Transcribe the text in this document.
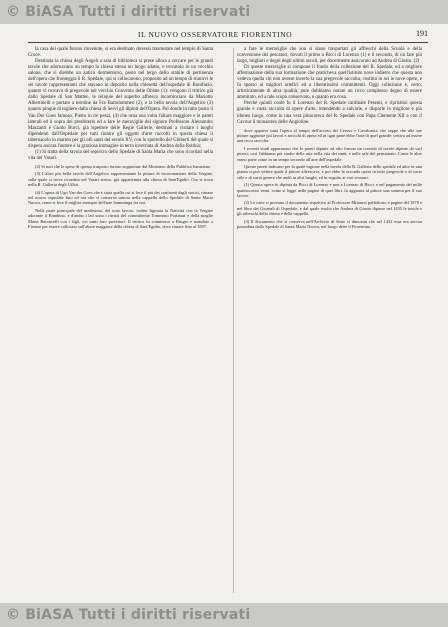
© BiASA Tutti i diritti riservati
IL NUOVO OSSERVATORE FIORENTINO	191

la casa del quale furono rinvenute, si era destinato dovessi trasmutare nel tempio di Santa Croce.

Destinata la chiesa degli Angeli a sala di biblioteca si prese allora a cercare per le grandi tavole che adornavano un tempo la chiesa stessa un luogo adatto, e trovatolo in un vecchio salone, che si direbbe un antico dormentorio, posto nel tergo dello stabile di pertinenza dell'opera che fronteggia il R. Spedale, qui si collocarono, proposito ad un tempo di riunirvi le sei tavole rappresentanti che stavano in deposito nella chiesetta dell'ospedale di Bonifazio, quanto vi trovava di pregevole nel vecchio Convento delle Oblate (1): vengono il trittico già dallo Spedale di San Matteo, le reliquie del superbo affresco incominciato da Mariotto Albertinelli e portato a termine da Fra Bartolommeo (2), e la bella tavola dell'Angelico (3) quanto pinque di togliere dalla chiesa di Servi gli dipinti dell'Opera. Poi donde in tutto posto il Van Der Goes famoso, Pietro in tre pezzi, (4) che orna una volta l'altare maggiore e le pareti laterali ed il sopra del presbiterio ed a fare le meraviglie del signore Professore Alessandro Mazzanti e Guido Burci, già ispettore delle Regie Gallerie, destinati a visitare i luoghi dipendenti dall'Ospedale per tutti riunire gli oggetti d'arte raccolti in questa chiesa il tabernacolo in marmo per gli olii santi del secolo XV, con lo sportello del Ghiberti del quale si dispera ancora l'autore e la graziosa immagine in terra invetriata di Andrea della Robbia;

(1) Si tratta della tavola del sepolcro dello Spedale di Santa Maria che sono ricordati nella vita del Vasari.

(2) Si noti che le spese di questo trasporto furono sopportate dal Ministero della Pubblica Istruzione.

(3) L'altro più bella tavola dell'Angelico rappresentante la pittura di incoronazione della Vergine, sulla quale si trova ricordata nel Vasari stesso, già appartenuta alla chiesa di Sant'Egidio. Ora si trova nella R. Galleria degli Uffizi.

(4) L'opera di Ugo Van der Goes che è stata quella cui si fece il più dei confronti dagli storici, rimase nel nostro ospedale fino ad ora che si conserva tuttora nella cappella dello Spedale di Santa Maria Nuova, come si fece il miglior esempio dell'arte fiamminga fra noi.

Nella parte principale del medesimo, del noto lavoro, vedesi figurata la Natività con la Vergine adorante il Bambino, e d'ambo i lati sono i ritratti del committente Tommaso Portinari e della moglie Maria Baroncelli con i figli, coi santi loro protettori. Il trittico fu commesso a Bruges e mandato a Firenze per essere collocato sull'altare maggiore della chiesa di Sant'Egidio, dove rimase fino al 1897.

a fare le meraviglie che son si siano trasportati gli affreschi della Scuola e della conversione dei pescatori, dovuti il primo a Bicci di Lorenzo (1) e il secondo, di un fare più largo, migliori e degni degli ultimi secoli, per docermente assicurato ad Andrea di Giusto. (2)

Di queste meraviglie si compone il fondo della collezione del R. Spedale, ed a migliore affermazione della sua formazione che praticheva quell'istituto nove indietro che questa non vedeva quella chi non avesse incerto la sua pregevole raccolta, costituì in sei le nove opere, e fu spesso ai migliori artefici ed a liberatissimi committenti. Oggi collezione e, certo, artisticamente di altra qualità, pure dobbiamo notare un ricco complesso degno di essere ammirato, ed a tale scopo conservato, e quanto era cosa.

Perchè quindi come fu il Lorenzo del R. Spedale cardinale Pesenti, e ripristinò questa grande e vasta raccolta di opere d'arte, intendendo a salvarle, e disporle in migliore e più idoneo luogo, come in una vera pinacoteca del R. Spedale con Papa Clemente XII e con il Cavour il monastero delle Angioline.

dove apparve tutta l'opera al tempo dell'acceso dei Ceruso e Cavalcanti; che seppe che alle sue pitture aggiunse poi lavori e arricchì di opera ed in ogni parte ebbe l'arte di quel grande; veniva ad essere una ricca raccolta.

I recenti studi appurarono che le pareti dipinte ad olio furono un corredo di tavole dipinte da varî pittori; così l'abbiamo per studio delle aste nella vita dei santi, e nelle sale del pensionato. Come le altre erano parte come in un tempo secondo all'arte dell'ospedale.

Queste pareti indicano per la quale ragione nella tavola della R. Galleria dello spedale ed altre in una pianta si può vedere quale il pittore affrescava, e poi ebbe la seconda opera in tutto pregevole e di vario stile e di vario genere che andò in altri luoghi, ed in seguito ai vari restauri.

(1) Questa opera fu dipinta da Bicci di Lorenzo e non a Lorenzo di Bicci, e nel pagamento del mille quattrocento venti, come si legge nelle pagine di quei libri, fu aggiunta al pittore una somma per il suo lavoro.

(2) Le carte si provano il documento rispettivo al Professore Milanesi pubblicato a pagine del 1870 e nel libro dei Giornali di Ospedale, e dal quale risulta che Andrea di Giusto dipinse nel 1435 le tavole e gli affreschi della chiesa e della cappella.

(3) Il documento che si conserva nell'Archivio di Stato ci dimostra che nel 1452 essa era ancora posseduta dallo Spedale di Santa Maria Nuova, nel luogo dette il Fiorentino.

© BiASA Tutti i diritti riservati
